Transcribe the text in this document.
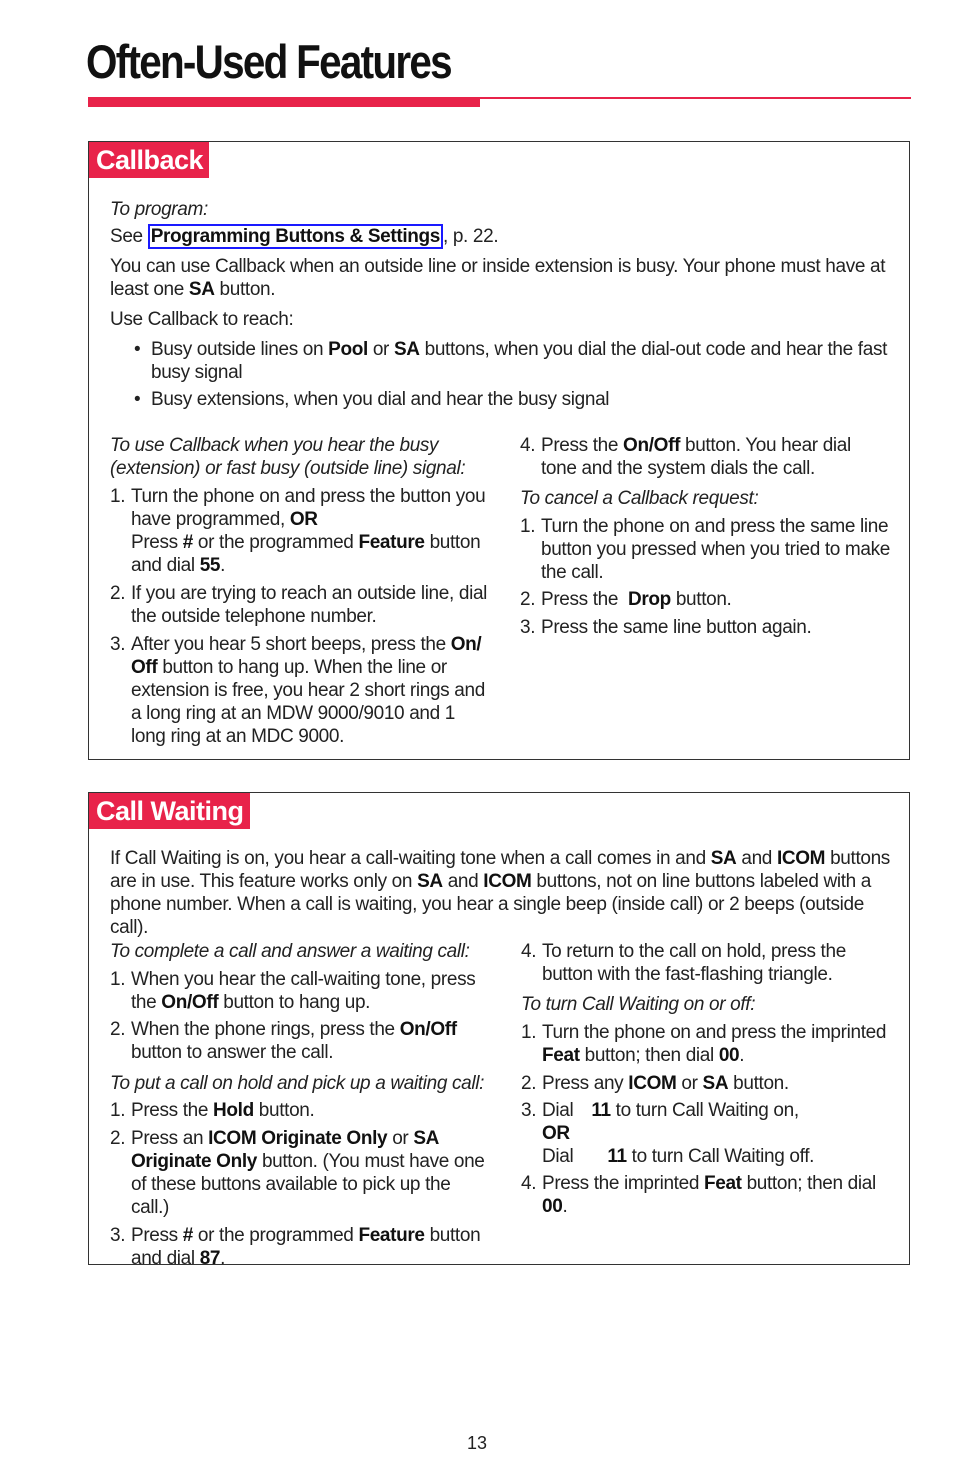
Often-Used Features
Callback

To program:

See Programming Buttons & Settings , p. 22.

You can use Callback when an outside line or inside extension is busy. Your phone must have at least one SA button.

Use Callback to reach:

• Busy outside lines on Pool or SA buttons, when you dial the dial-out code and hear the fast busy signal
• Busy extensions, when you dial and hear the busy signal

To use Callback when you hear the busy (extension) or fast busy (outside line) signal:

1. Turn the phone on and press the button you have programmed, OR
Press # or the programmed Feature button and dial 55.
2. If you are trying to reach an outside line, dial the outside telephone number.
3. After you hear 5 short beeps, press the On/ Off button to hang up. When the line or extension is free, you hear 2 short rings and a long ring at an MDW 9000/9010 and 1 long ring at an MDC 9000.
4. Press the On/Off button. You hear dial tone and the system dials the call.

To cancel a Callback request:

1. Turn the phone on and press the same line button you pressed when you tried to make the call.
2. Press the  Drop button.
3. Press the same line button again.
Call Waiting

If Call Waiting is on, you hear a call-waiting tone when a call comes in and SA and ICOM buttons are in use. This feature works only on SA and ICOM buttons, not on line buttons labeled with a phone number. When a call is waiting, you hear a single beep (inside call) or 2 beeps (outside call).

To complete a call and answer a waiting call:

1. When you hear the call-waiting tone, press the On/Off button to hang up.
2. When the phone rings, press the On/Off button to answer the call.

To put a call on hold and pick up a waiting call:

1. Press the Hold button.
2. Press an ICOM Originate Only or SA Originate Only button. (You must have one of these buttons available to pick up the call.)
3. Press # or the programmed Feature button and dial 87.
4. To return to the call on hold, press the button with the fast-flashing triangle.

To turn Call Waiting on or off:

1. Turn the phone on and press the imprinted Feat button; then dial 00.
2. Press any ICOM or SA button.
3. Dial 11 to turn Call Waiting on,
OR
Dial 11 to turn Call Waiting off.
4. Press the imprinted Feat button; then dial 00.
13
